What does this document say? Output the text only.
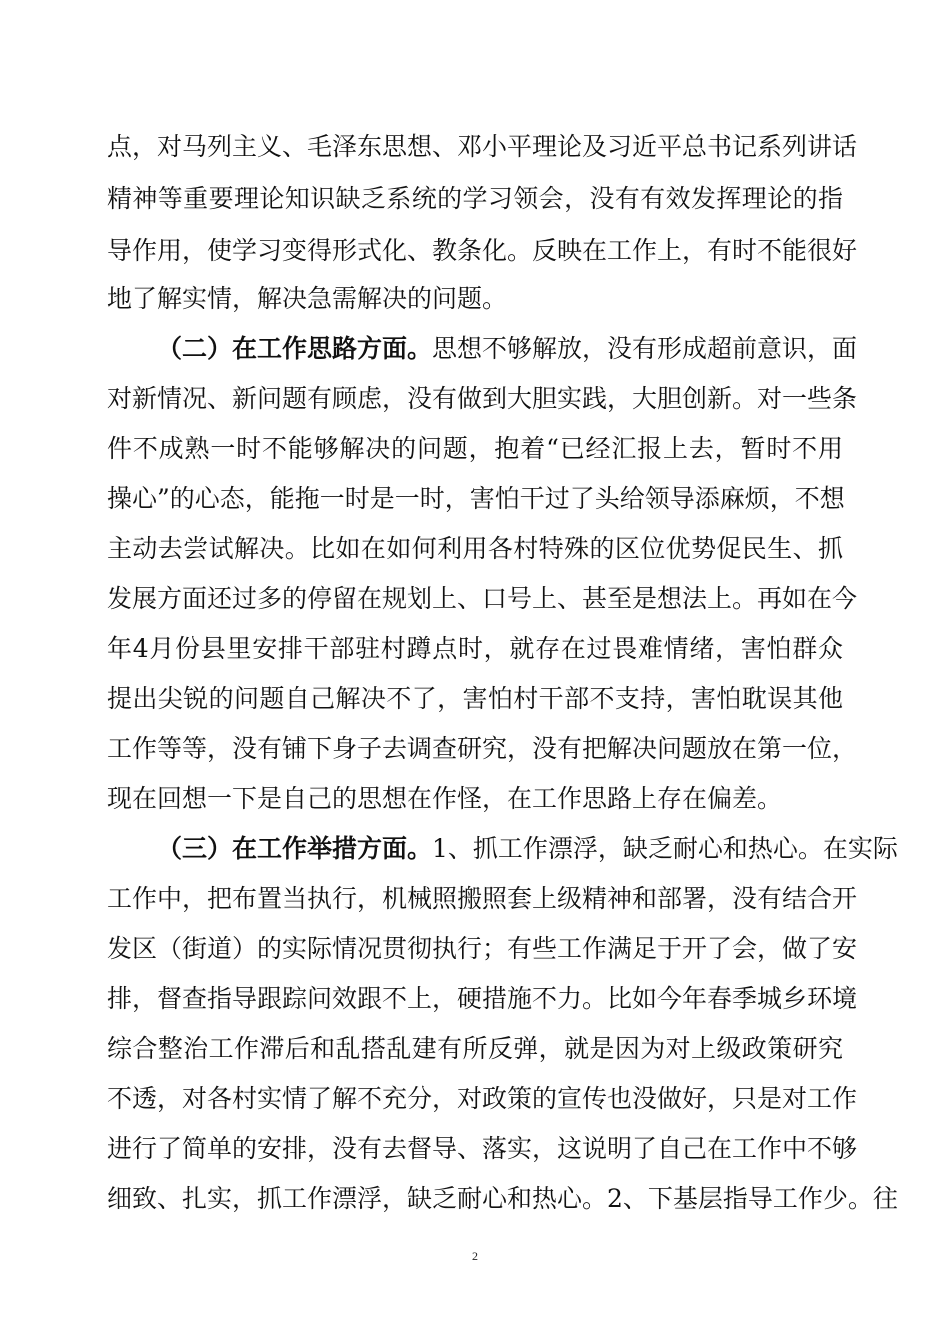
点，对马列主义、毛泽东思想、邓小平理论及习近平总书记系列讲话
精神等重要理论知识缺乏系统的学习领会，没有有效发挥理论的指
导作用，使学习变得形式化、教条化。反映在工作上，有时不能很好
地了解实情，解决急需解决的问题。
（二）在工作思路方面。思想不够解放，没有形成超前意识，面
对新情况、新问题有顾虑，没有做到大胆实践，大胆创新。对一些条
件不成熟一时不能够解决的问题，抱着“已经汇报上去，暂时不用
操心”的心态，能拖一时是一时，害怕干过了头给领导添麻烦，不想
主动去尝试解决。比如在如何利用各村特殊的区位优势促民生、抓
发展方面还过多的停留在规划上、口号上、甚至是想法上。再如在今
年4月份县里安排干部驻村蹲点时，就存在过畏难情绪，害怕群众
提出尖锐的问题自己解决不了，害怕村干部不支持，害怕耽误其他
工作等等，没有铺下身子去调查研究，没有把解决问题放在第一位，
现在回想一下是自己的思想在作怪，在工作思路上存在偏差。
（三）在工作举措方面。1、抓工作漂浮，缺乏耐心和热心。在实际
工作中，把布置当执行，机械照搬照套上级精神和部署，没有结合开
发区（街道）的实际情况贯彻执行；有些工作满足于开了会，做了安
排，督查指导跟踪问效跟不上，硬措施不力。比如今年春季城乡环境
综合整治工作滞后和乱搭乱建有所反弹，就是因为对上级政策研究
不透，对各村实情了解不充分，对政策的宣传也没做好，只是对工作
进行了简单的安排，没有去督导、落实，这说明了自己在工作中不够
细致、扎实，抓工作漂浮，缺乏耐心和热心。2、下基层指导工作少。往
2
